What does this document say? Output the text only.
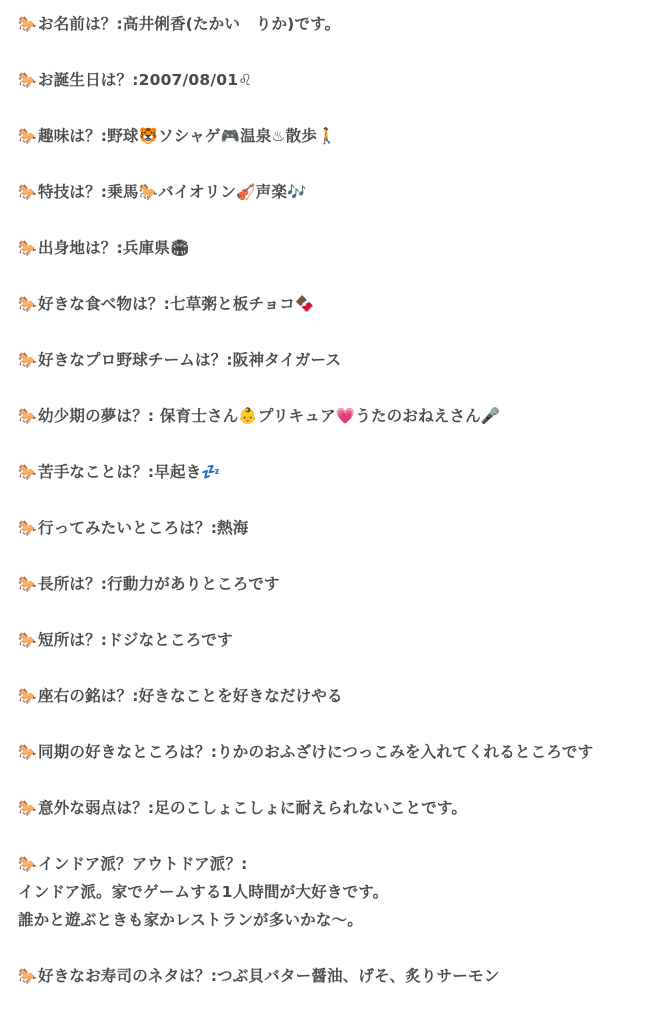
🐎お名前は？:高井俐香(たかい　りか)です。
🐎お誕生日は？:2007/08/01♌
🐎趣味は？:野球🐯ソシャゲ🎮温泉♨散歩🚶
🐎特技は？:乗馬🐎バイオリン🎻声楽🎶
🐎出身地は？:兵庫県🏟
🐎好きな食べ物は？:七草粥と板チョコ🍫
🐎好きなプロ野球チームは？:阪神タイガース
🐎幼少期の夢は？: 保育士さん👶プリキュア💗うたのおねえさん🎤
🐎苦手なことは？:早起き💤
🐎行ってみたいところは？:熱海
🐎長所は？:行動力がありところです
🐎短所は？:ドジなところです
🐎座右の銘は？:好きなことを好きなだけやる
🐎同期の好きなところは？:りかのおふざけにつっこみを入れてくれるところです
🐎意外な弱点は？:足のこしょこしょに耐えられないことです。
🐎インドア派？アウトドア派？:
インドア派。家でゲームする1人時間が大好きです。
誰かと遊ぶときも家かレストランが多いかな〜。
🐎好きなお寿司のネタは？:つぶ貝バター醤油、げそ、炙りサーモン
